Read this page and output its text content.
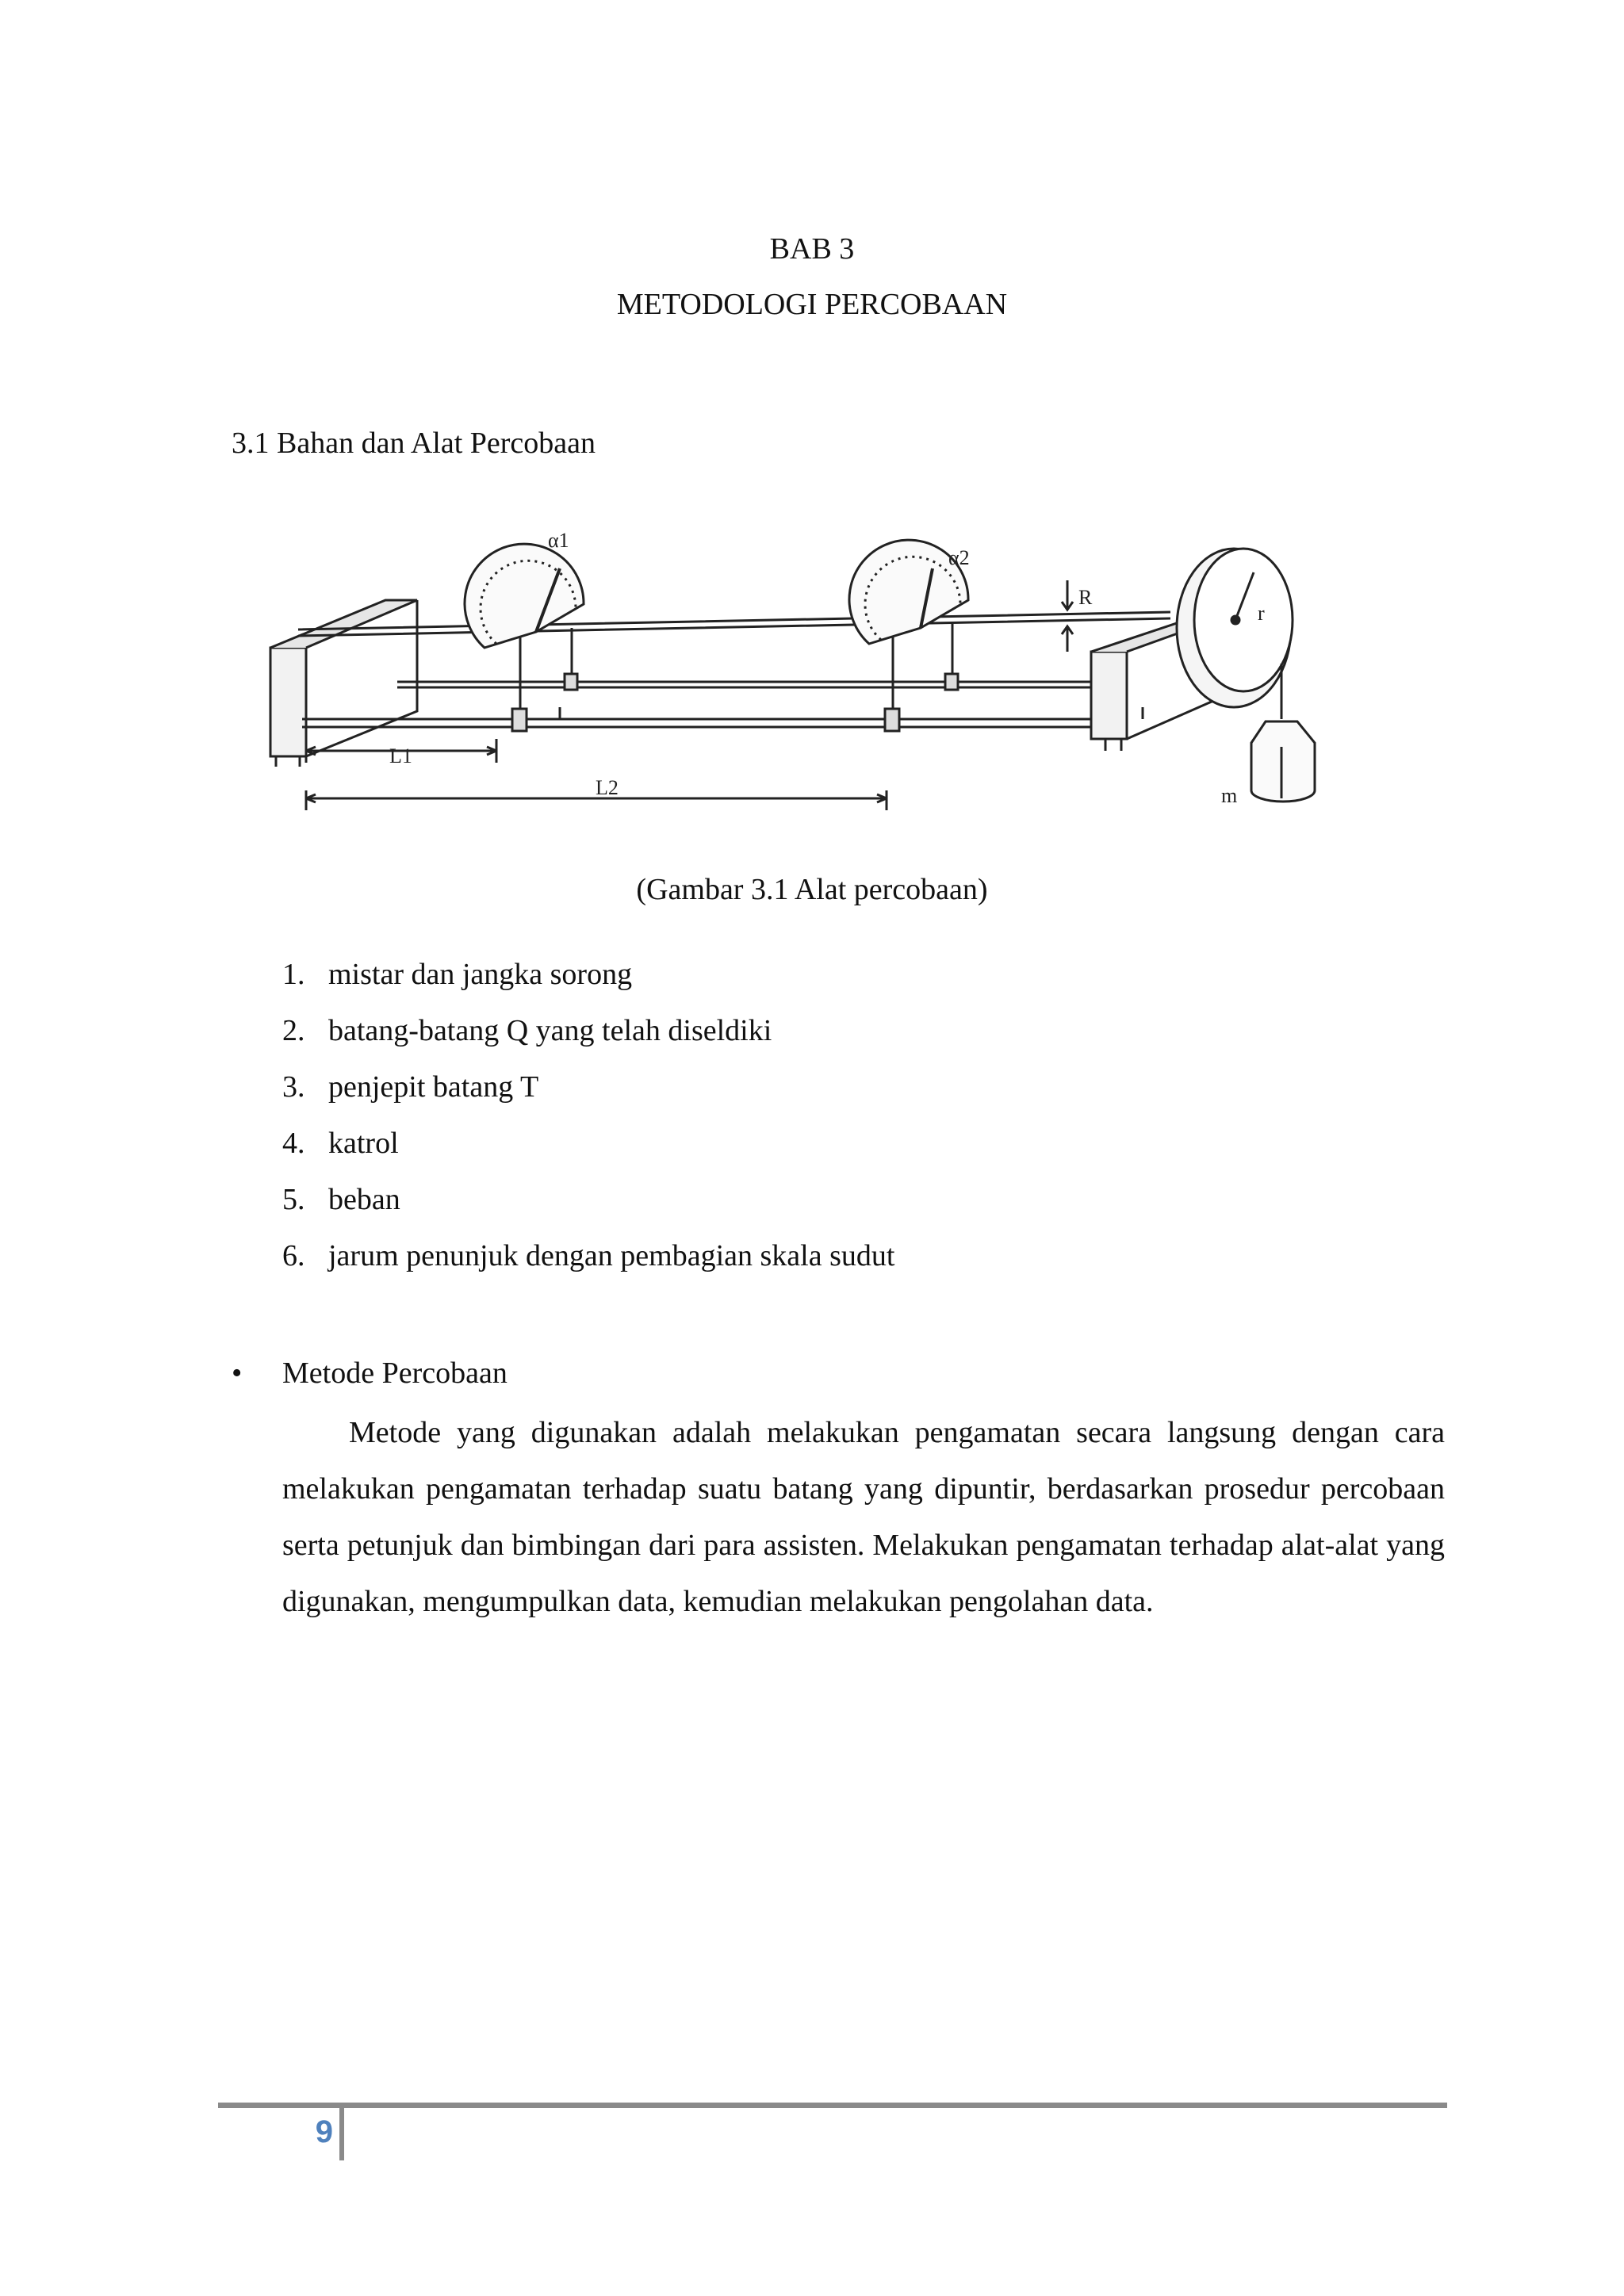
BAB 3
METODOLOGI PERCOBAAN
3.1 Bahan dan Alat Percobaan
α1
α2
R
r
L1
L2	m
(Gambar 3.1 Alat percobaan)
1. mistar dan jangka sorong
2. batang-batang Q yang telah diseldiki
3. penjepit batang T
4. katrol
5. beban
6. jarum penunjuk dengan pembagian skala sudut
•	Metode Percobaan

Metode yang digunakan adalah melakukan pengamatan secara langsung dengan cara melakukan pengamatan terhadap suatu batang yang dipuntir, berdasarkan prosedur percobaan serta petunjuk dan bimbingan dari para assisten. Melakukan pengamatan terhadap alat-alat yang digunakan, mengumpulkan data, kemudian melakukan pengolahan data.

9
